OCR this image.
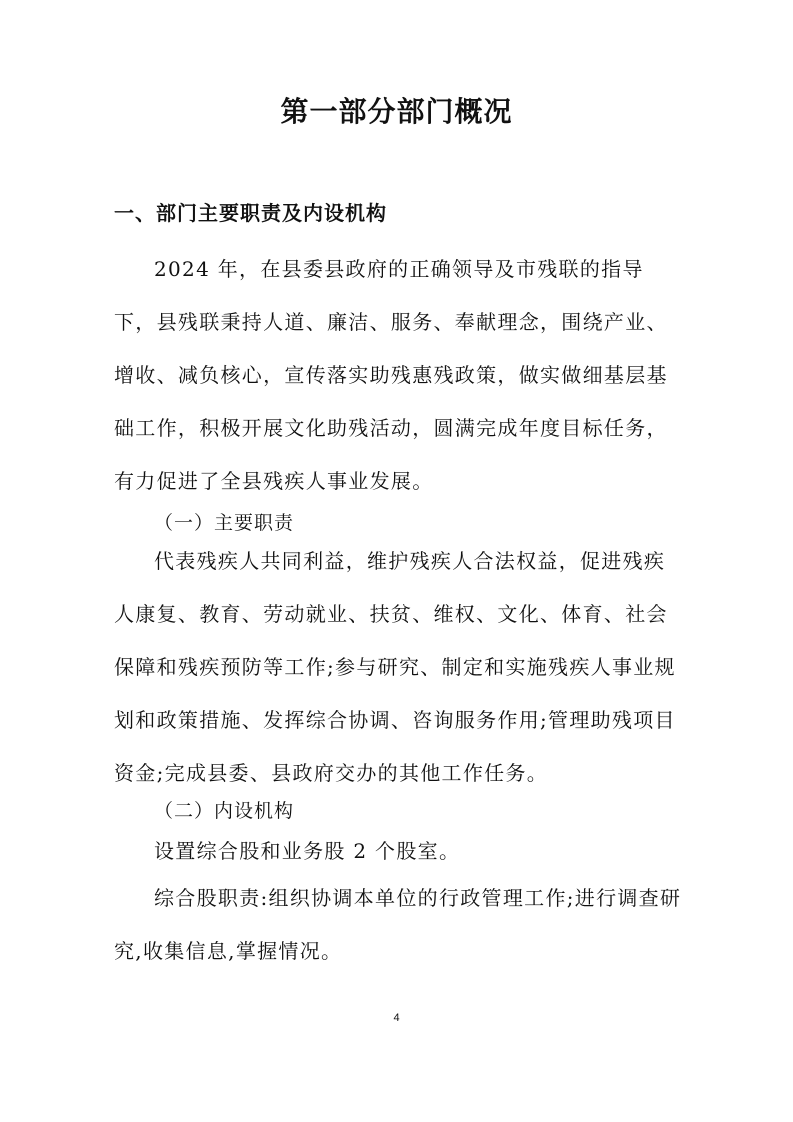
第一部分部门概况
一、部门主要职责及内设机构

2024 年，在县委县政府的正确领导及市残联的指导下，县残联秉持人道、廉洁、服务、奉献理念，围绕产业、增收、减负核心，宣传落实助残惠残政策，做实做细基层基础工作，积极开展文化助残活动，圆满完成年度目标任务，有力促进了全县残疾人事业发展。

（一）主要职责

代表残疾人共同利益，维护残疾人合法权益，促进残疾人康复、教育、劳动就业、扶贫、维权、文化、体育、社会保障和残疾预防等工作;参与研究、制定和实施残疾人事业规划和政策措施、发挥综合协调、咨询服务作用;管理助残项目资金;完成县委、县政府交办的其他工作任务。

（二）内设机构

设置综合股和业务股 2 个股室。

综合股职责:组织协调本单位的行政管理工作;进行调查研究,收集信息,掌握情况。

4
